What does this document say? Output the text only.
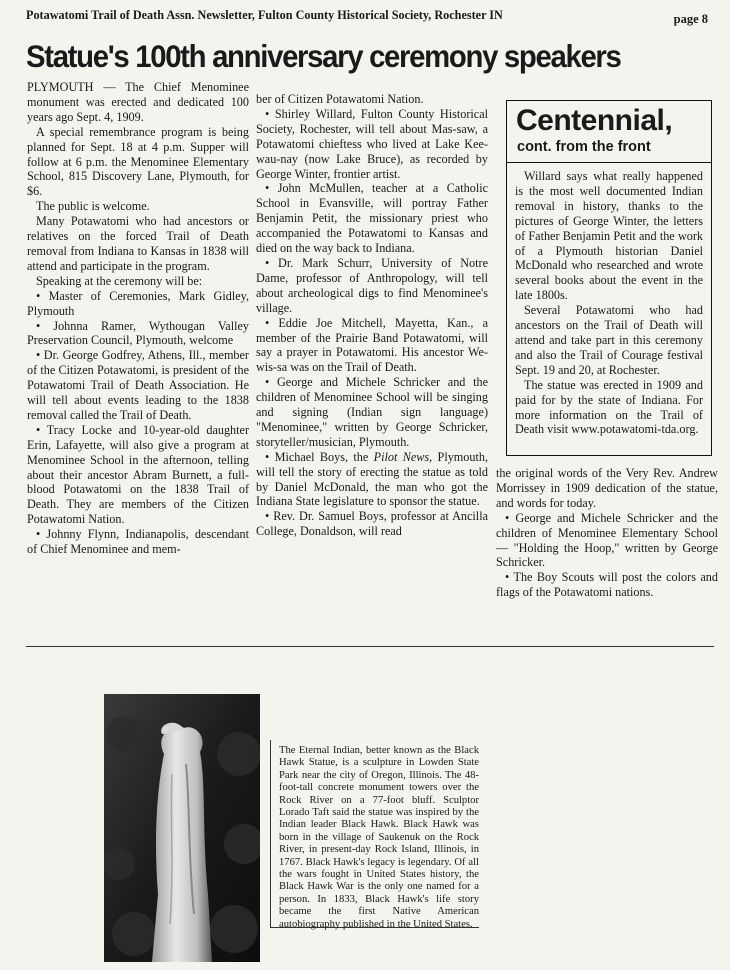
Potawatomi Trail of Death Assn. Newsletter, Fulton County Historical Society, Rochester IN	page 8
Statue's 100th anniversary ceremony speakers

PLYMOUTH — The Chief Menominee monument was erected and dedicated 100 years ago Sept. 4, 1909.

A special remembrance program is being planned for Sept. 18 at 4 p.m. Supper will follow at 6 p.m. the Menominee Elementary School, 815 Discovery Lane, Plymouth, for $6.

The public is welcome.

Many Potawatomi who had ancestors or relatives on the forced Trail of Death removal from Indiana to Kansas in 1838 will attend and participate in the program.

Speaking at the ceremony will be:

• Master of Ceremonies, Mark Gidley, Plymouth

• Johnna Ramer, Wythougan Valley Preservation Council, Plymouth, welcome

• Dr. George Godfrey, Athens, Ill., member of the Citizen Potawatomi, is president of the Potawatomi Trail of Death Association. He will tell about events leading to the 1838 removal called the Trail of Death.

• Tracy Locke and 10-year-old daughter Erin, Lafayette, will also give a program at Menominee School in the afternoon, telling about their ancestor Abram Burnett, a full-blood Potawatomi on the 1838 Trail of Death. They are members of the Citizen Potawatomi Nation.

• Johnny Flynn, Indianapolis, descendant of Chief Menominee and mem-

ber of Citizen Potawatomi Nation.

• Shirley Willard, Fulton County Historical Society, Rochester, will tell about Mas-saw, a Potawatomi chieftess who lived at Lake Kee-wau-nay (now Lake Bruce), as recorded by George Winter, frontier artist.

• John McMullen, teacher at a Catholic School in Evansville, will portray Father Benjamin Petit, the missionary priest who accompanied the Potawatomi to Kansas and died on the way back to Indiana.

• Dr. Mark Schurr, University of Notre Dame, professor of Anthropology, will tell about archeological digs to find Menominee's village.

• Eddie Joe Mitchell, Mayetta, Kan., a member of the Prairie Band Potawatomi, will say a prayer in Potawatomi. His ancestor We-wis-sa was on the Trail of Death.

• George and Michele Schricker and the children of Menominee School will be singing and signing (Indian sign language) "Menominee," written by George Schricker, storyteller/musician, Plymouth.

• Michael Boys, the Pilot News, Plymouth, will tell the story of erecting the statue as told by Daniel McDonald, the man who got the Indiana State legislature to sponsor the statue.

• Rev. Dr. Samuel Boys, professor at Ancilla College, Donaldson, will read

Centennial,
cont. from the front

Willard says what really happened is the most well documented Indian removal in history, thanks to the pictures of George Winter, the letters of Father Benjamin Petit and the work of a Plymouth historian Daniel McDonald who researched and wrote several books about the event in the late 1800s.

Several Potawatomi who had ancestors on the Trail of Death will attend and take part in this ceremony and also the Trail of Courage festival Sept. 19 and 20, at Rochester.

The statue was erected in 1909 and paid for by the state of Indiana. For more information on the Trail of Death visit www.potawatomi-tda.org.

the original words of the Very Rev. Andrew Morrissey in 1909 dedication of the statue, and words for today.

• George and Michele Schricker and the children of Menominee Elementary School — "Holding the Hoop," written by George Schricker.

• The Boy Scouts will post the colors and flags of the Potawatomi nations.

The Eternal Indian, better known as the Black Hawk Statue, is a sculpture in Lowden State Park near the city of Oregon, Illinois. The 48-foot-tall concrete monument towers over the Rock River on a 77-foot bluff. Sculptor Lorado Taft said the statue was inspired by the Indian leader Black Hawk. Black Hawk was born in the village of Saukenuk on the Rock River, in present-day Rock Island, Illinois, in 1767. Black Hawk's legacy is legendary. Of all the wars fought in United States history, the Black Hawk War is the only one named for a person. In 1833, Black Hawk's life story became the first Native American autobiography published in the United States.
